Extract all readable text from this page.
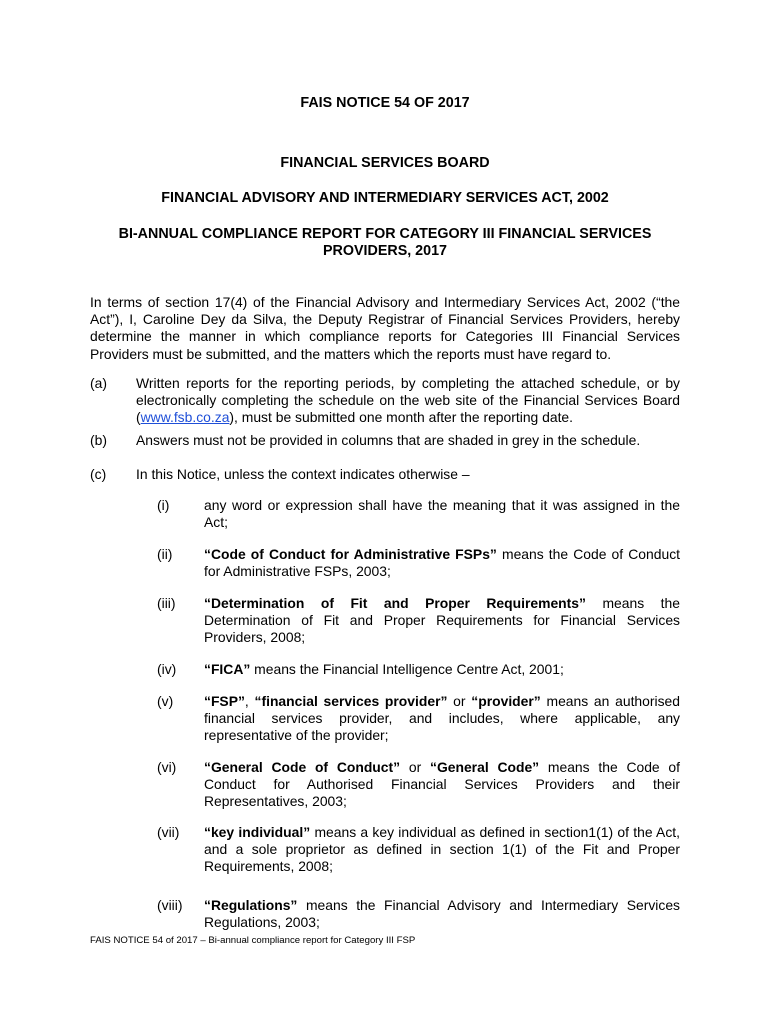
FAIS NOTICE 54 OF 2017
FINANCIAL SERVICES BOARD
FINANCIAL ADVISORY AND INTERMEDIARY SERVICES ACT, 2002
BI-ANNUAL COMPLIANCE REPORT FOR CATEGORY III FINANCIAL SERVICES PROVIDERS, 2017

In terms of section 17(4) of the Financial Advisory and Intermediary Services Act, 2002 (“the Act”), I, Caroline Dey da Silva, the Deputy Registrar of Financial Services Providers, hereby determine the manner in which compliance reports for Categories III Financial Services Providers must be submitted, and the matters which the reports must have regard to.

(a) Written reports for the reporting periods, by completing the attached schedule, or by electronically completing the schedule on the web site of the Financial Services Board (www.fsb.co.za), must be submitted one month after the reporting date.
(b) Answers must not be provided in columns that are shaded in grey in the schedule.
(c) In this Notice, unless the context indicates otherwise –
(i) any word or expression shall have the meaning that it was assigned in the Act;
(ii) “Code of Conduct for Administrative FSPs” means the Code of Conduct for Administrative FSPs, 2003;
(iii) “Determination of Fit and Proper Requirements” means the Determination of Fit and Proper Requirements for Financial Services Providers, 2008;
(iv) “FICA” means the Financial Intelligence Centre Act, 2001;
(v) “FSP”, “financial services provider” or “provider” means an authorised financial services provider, and includes, where applicable, any representative of the provider;
(vi) “General Code of Conduct” or “General Code” means the Code of Conduct for Authorised Financial Services Providers and their Representatives, 2003;
(vii) “key individual” means a key individual as defined in section1(1) of the Act, and a sole proprietor as defined in section 1(1) of the Fit and Proper Requirements, 2008;
(viii) “Regulations” means the Financial Advisory and Intermediary Services Regulations, 2003;
FAIS NOTICE 54 of 2017 – Bi-annual compliance report for Category III FSP
